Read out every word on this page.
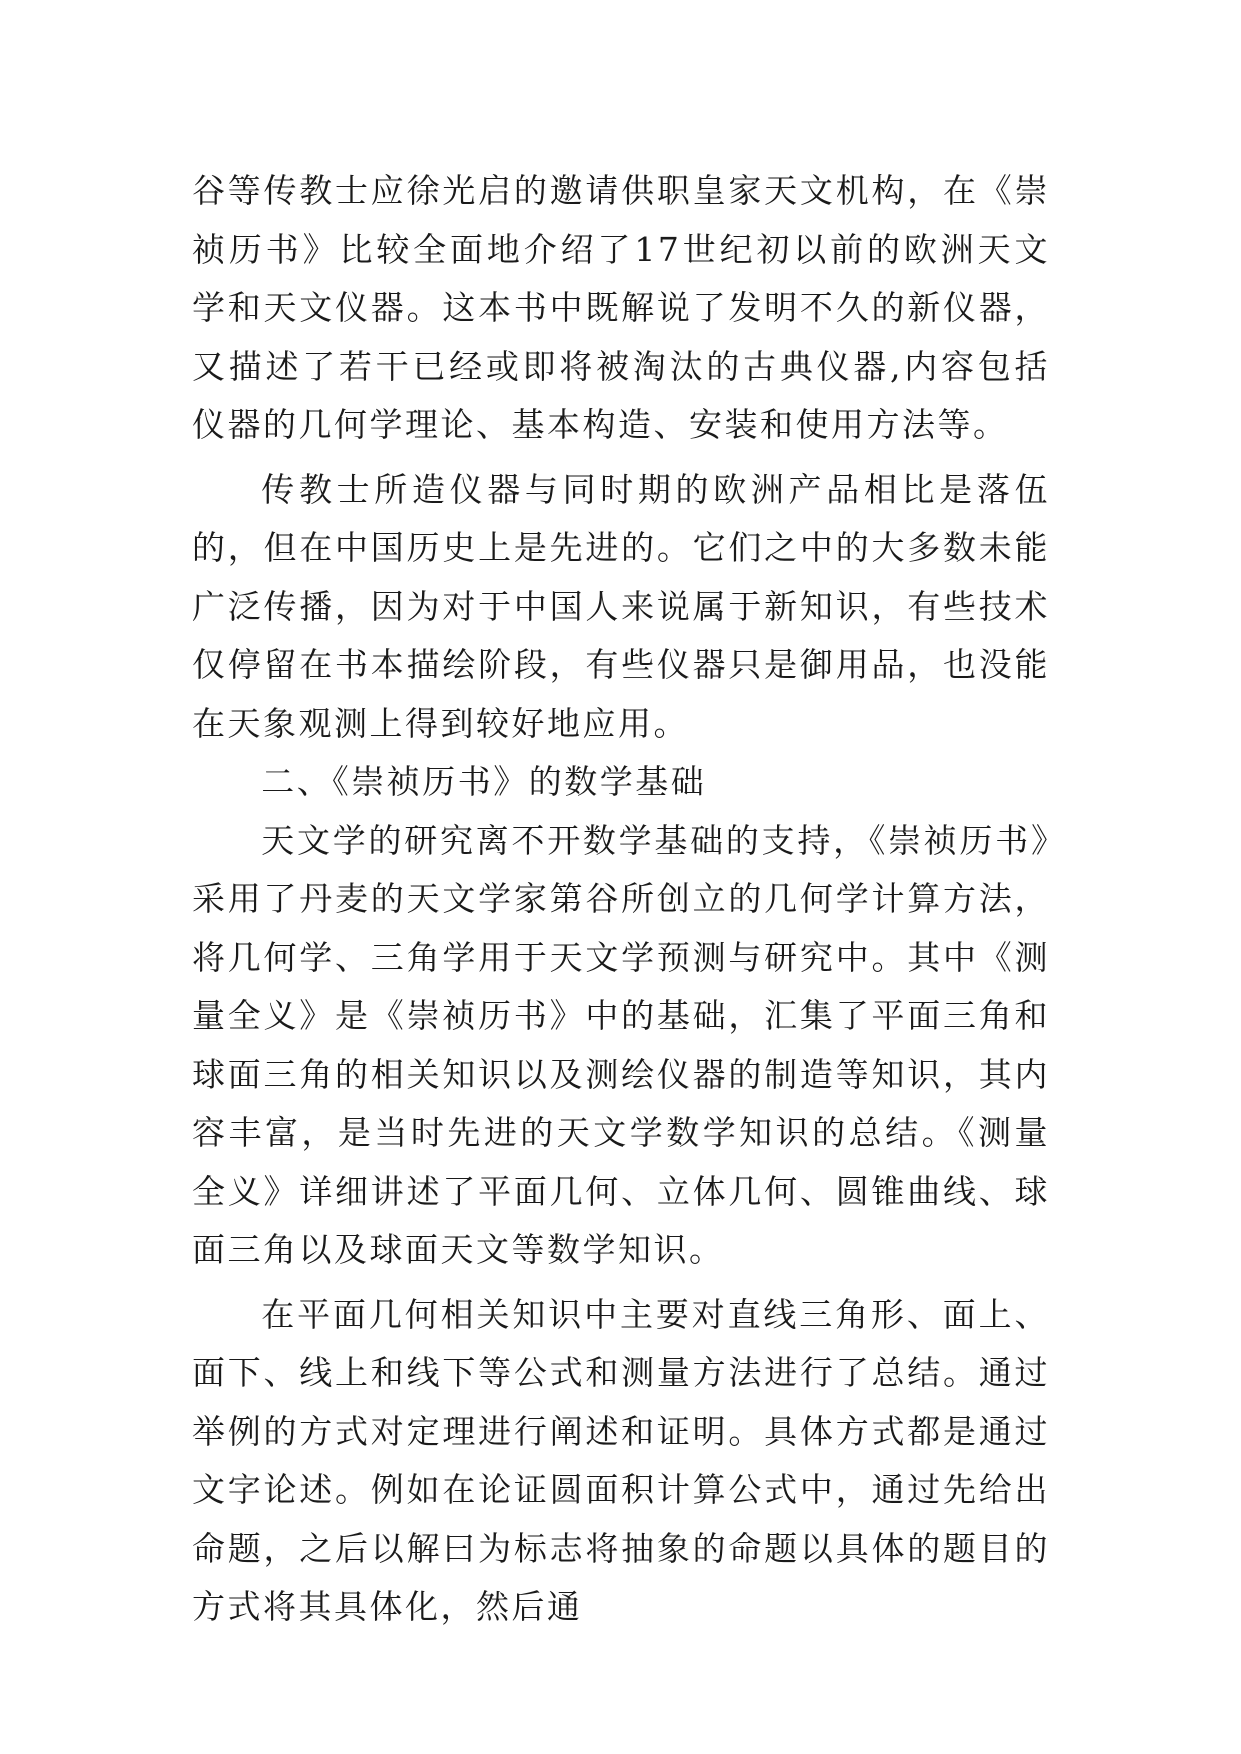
谷等传教士应徐光启的邀请供职皇家天文机构，在《崇祯历书》比较全面地介绍了17世纪初以前的欧洲天文学和天文仪器。这本书中既解说了发明不久的新仪器，又描述了若干已经或即将被淘汰的古典仪器,内容包括仪器的几何学理论、基本构造、安装和使用方法等。

传教士所造仪器与同时期的欧洲产品相比是落伍的，但在中国历史上是先进的。它们之中的大多数未能广泛传播，因为对于中国人来说属于新知识，有些技术仅停留在书本描绘阶段，有些仪器只是御用品，也没能在天象观测上得到较好地应用。

二、《崇祯历书》的数学基础

天文学的研究离不开数学基础的支持，《崇祯历书》采用了丹麦的天文学家第谷所创立的几何学计算方法，将几何学、三角学用于天文学预测与研究中。其中《测量全义》是《崇祯历书》中的基础，汇集了平面三角和球面三角的相关知识以及测绘仪器的制造等知识，其内容丰富，是当时先进的天文学数学知识的总结。《测量全义》详细讲述了平面几何、立体几何、圆锥曲线、球面三角以及球面天文等数学知识。

在平面几何相关知识中主要对直线三角形、面上、面下、线上和线下等公式和测量方法进行了总结。通过举例的方式对定理进行阐述和证明。具体方式都是通过文字论述。例如在论证圆面积计算公式中，通过先给出命题，之后以解曰为标志将抽象的命题以具体的题目的方式将其具体化，然后通
